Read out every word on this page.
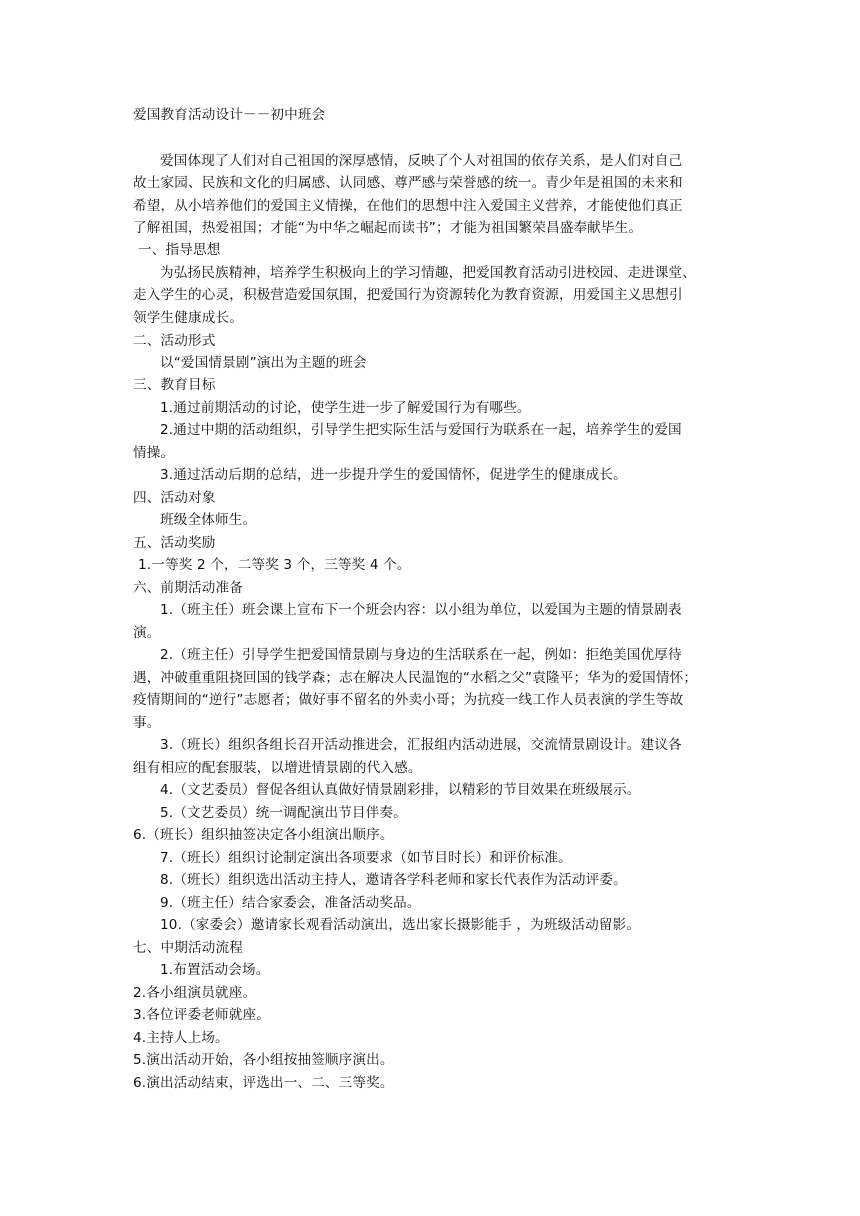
爱国教育活动设计－－初中班会
爱国体现了人们对自己祖国的深厚感情，反映了个人对祖国的依存关系，是人们对自己
故土家园、民族和文化的归属感、认同感、尊严感与荣誉感的统一。青少年是祖国的未来和
希望，从小培养他们的爱国主义情操，在他们的思想中注入爱国主义营养，才能使他们真正
了解祖国，热爱祖国；才能“为中华之崛起而读书”；才能为祖国繁荣昌盛奉献毕生。
一、指导思想
为弘扬民族精神，培养学生积极向上的学习情趣，把爱国教育活动引进校园、走进课堂、
走入学生的心灵，积极营造爱国氛围，把爱国行为资源转化为教育资源，用爱国主义思想引
领学生健康成长。
二、活动形式
以“爱国情景剧”演出为主题的班会
三、教育目标
1.通过前期活动的讨论，使学生进一步了解爱国行为有哪些。
2.通过中期的活动组织，引导学生把实际生活与爱国行为联系在一起，培养学生的爱国
情操。
3.通过活动后期的总结，进一步提升学生的爱国情怀，促进学生的健康成长。
四、活动对象
班级全体师生。
五、活动奖励
1.一等奖 2 个，二等奖 3 个，三等奖 4 个。
六、前期活动准备
1.（班主任）班会课上宣布下一个班会内容：以小组为单位，以爱国为主题的情景剧表
演。
2.（班主任）引导学生把爱国情景剧与身边的生活联系在一起，例如：拒绝美国优厚待
遇，冲破重重阻挠回国的钱学森；志在解决人民温饱的“水稻之父”袁隆平；华为的爱国情怀；
疫情期间的“逆行”志愿者；做好事不留名的外卖小哥；为抗疫一线工作人员表演的学生等故
事。
3.（班长）组织各组长召开活动推进会，汇报组内活动进展，交流情景剧设计。建议各
组有相应的配套服装，以增进情景剧的代入感。
4.（文艺委员）督促各组认真做好情景剧彩排，以精彩的节目效果在班级展示。
5.（文艺委员）统一调配演出节目伴奏。
6.（班长）组织抽签决定各小组演出顺序。
7.（班长）组织讨论制定演出各项要求（如节目时长）和评价标准。
8.（班长）组织选出活动主持人，邀请各学科老师和家长代表作为活动评委。
9.（班主任）结合家委会，准备活动奖品。
10.（家委会）邀请家长观看活动演出，选出家长摄影能手 ，为班级活动留影。
七、中期活动流程
1.布置活动会场。
2.各小组演员就座。
3.各位评委老师就座。
4.主持人上场。
5.演出活动开始，各小组按抽签顺序演出。
6.演出活动结束，评选出一、二、三等奖。
